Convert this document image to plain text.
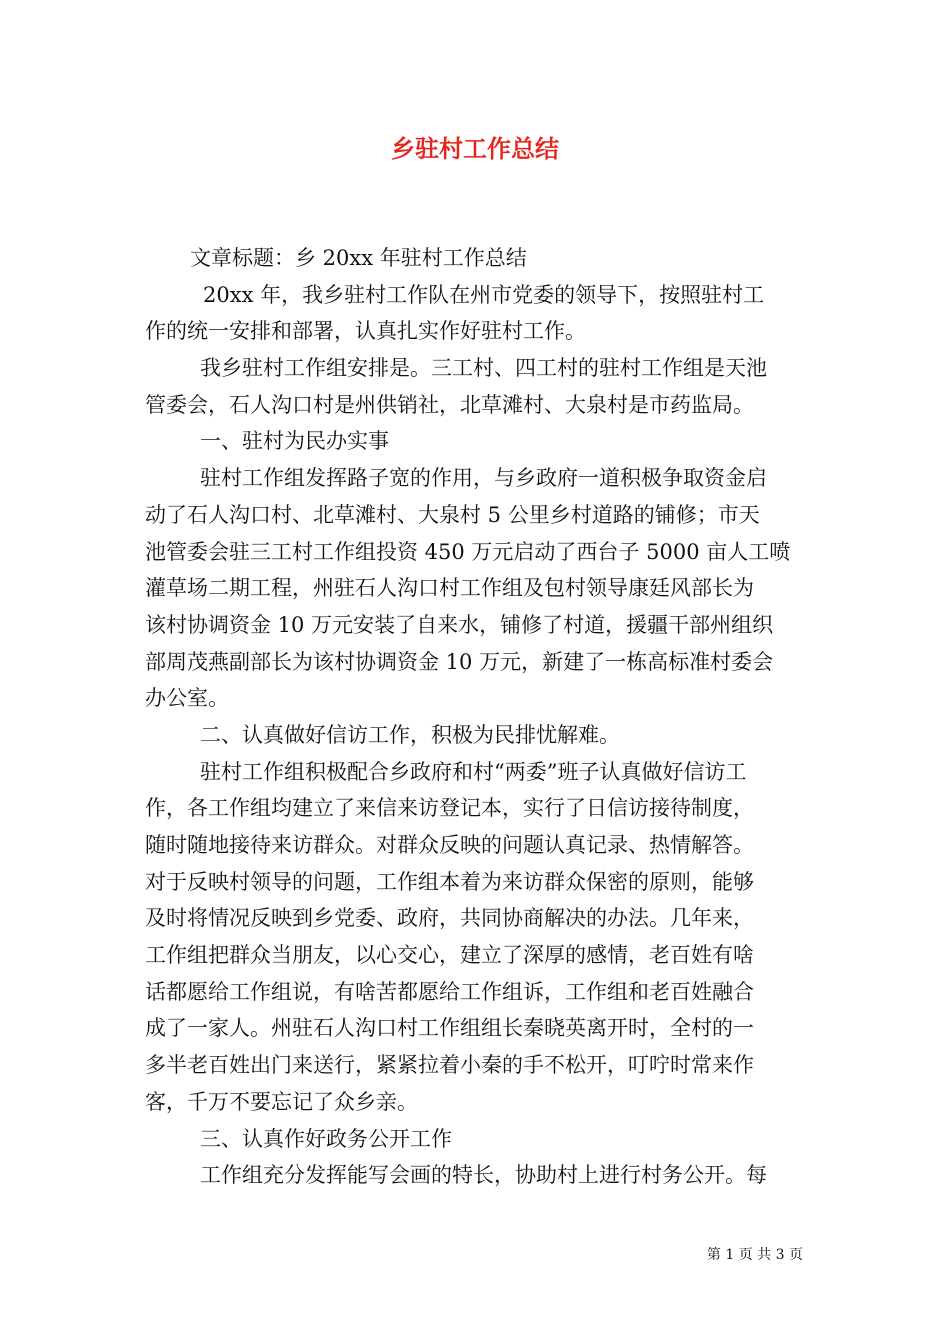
乡驻村工作总结

文章标题：乡 20xx 年驻村工作总结

20xx 年，我乡驻村工作队在州市党委的领导下，按照驻村工

作的统一安排和部署，认真扎实作好驻村工作。

我乡驻村工作组安排是。三工村、四工村的驻村工作组是天池

管委会，石人沟口村是州供销社，北草滩村、大泉村是市药监局。

一、驻村为民办实事

驻村工作组发挥路子宽的作用，与乡政府一道积极争取资金启

动了石人沟口村、北草滩村、大泉村 5 公里乡村道路的铺修；市天

池管委会驻三工村工作组投资 450 万元启动了西台子 5000 亩人工喷

灌草场二期工程，州驻石人沟口村工作组及包村领导康廷风部长为

该村协调资金 10 万元安装了自来水，铺修了村道，援疆干部州组织

部周茂燕副部长为该村协调资金 10 万元，新建了一栋高标准村委会

办公室。

二、认真做好信访工作，积极为民排忧解难。

驻村工作组积极配合乡政府和村“两委”班子认真做好信访工

作，各工作组均建立了来信来访登记本，实行了日信访接待制度，

随时随地接待来访群众。对群众反映的问题认真记录、热情解答。

对于反映村领导的问题，工作组本着为来访群众保密的原则，能够

及时将情况反映到乡党委、政府，共同协商解决的办法。几年来，

工作组把群众当朋友，以心交心，建立了深厚的感情，老百姓有啥

话都愿给工作组说，有啥苦都愿给工作组诉，工作组和老百姓融合

成了一家人。州驻石人沟口村工作组组长秦晓英离开时，全村的一

多半老百姓出门来送行，紧紧拉着小秦的手不松开，叮咛时常来作

客，千万不要忘记了众乡亲。

三、认真作好政务公开工作

工作组充分发挥能写会画的特长，协助村上进行村务公开。每

第 1 页 共 3 页
